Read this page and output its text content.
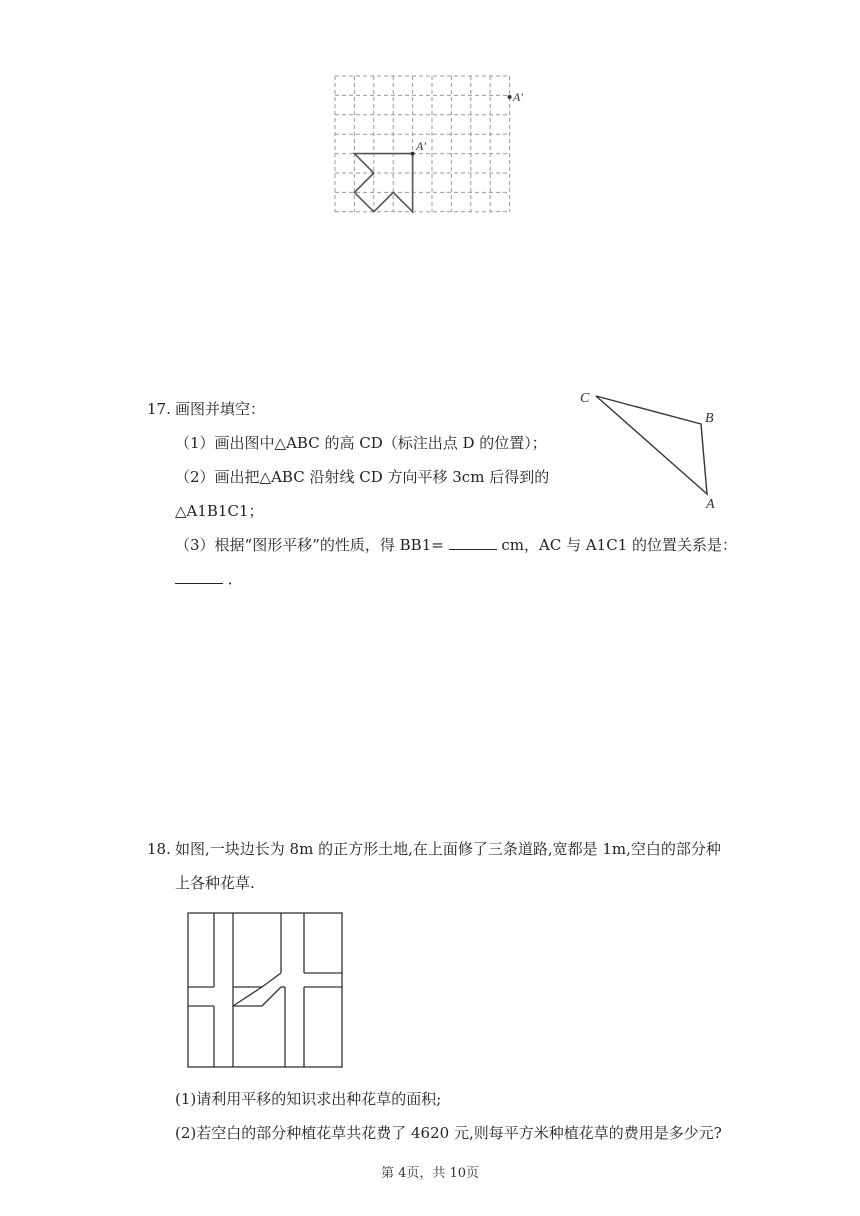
A′
A′
17. 画图并填空：
（1）画出图中△ABC 的高 CD（标注出点 D 的位置）；
（2）画出把△ABC 沿射线 CD 方向平移 3cm 后得到的
△A1B1C1；
（3）根据“图形平移”的性质，得 BB1=	cm，AC 与 A1C1 的位置关系是：
．
C
B
A
18. 如图,一块边长为 8m 的正方形土地,在上面修了三条道路,宽都是 1m,空白的部分种
上各种花草.
(1)请利用平移的知识求出种花草的面积;
(2)若空白的部分种植花草共花费了 4620 元,则每平方米种植花草的费用是多少元?
第 4页，共 10页
